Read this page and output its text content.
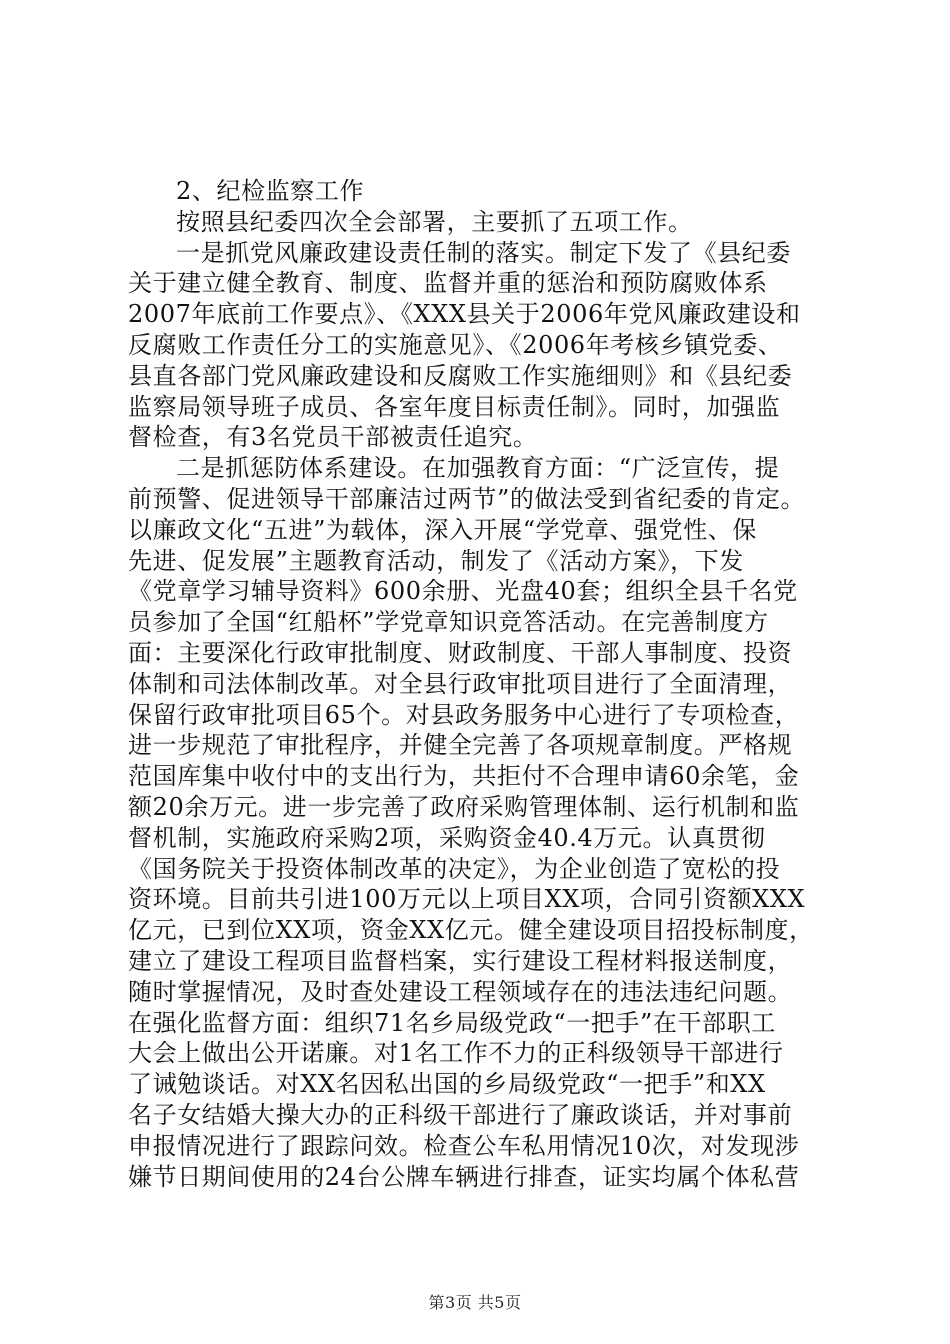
2、纪检监察工作
按照县纪委四次全会部署，主要抓了五项工作。
一是抓党风廉政建设责任制的落实。制定下发了《县纪委
关于建立健全教育、制度、监督并重的惩治和预防腐败体系
2007年底前工作要点》、《XXX县关于2006年党风廉政建设和
反腐败工作责任分工的实施意见》、《2006年考核乡镇党委、
县直各部门党风廉政建设和反腐败工作实施细则》和《县纪委
监察局领导班子成员、各室年度目标责任制》。同时，加强监
督检查，有3名党员干部被责任追究。
二是抓惩防体系建设。在加强教育方面：“广泛宣传，提
前预警、促进领导干部廉洁过两节”的做法受到省纪委的肯定。
以廉政文化“五进”为载体，深入开展“学党章、强党性、保
先进、促发展”主题教育活动，制发了《活动方案》，下发
《党章学习辅导资料》600余册、光盘40套；组织全县千名党
员参加了全国“红船杯”学党章知识竞答活动。在完善制度方
面：主要深化行政审批制度、财政制度、干部人事制度、投资
体制和司法体制改革。对全县行政审批项目进行了全面清理，
保留行政审批项目65个。对县政务服务中心进行了专项检查，
进一步规范了审批程序，并健全完善了各项规章制度。严格规
范国库集中收付中的支出行为，共拒付不合理申请60余笔，金
额20余万元。进一步完善了政府采购管理体制、运行机制和监
督机制，实施政府采购2项，采购资金40.4万元。认真贯彻
《国务院关于投资体制改革的决定》，为企业创造了宽松的投
资环境。目前共引进100万元以上项目XX项，合同引资额XXX
亿元，已到位XX项，资金XX亿元。健全建设项目招投标制度，
建立了建设工程项目监督档案，实行建设工程材料报送制度，
随时掌握情况，及时查处建设工程领域存在的违法违纪问题。
在强化监督方面：组织71名乡局级党政“一把手”在干部职工
大会上做出公开诺廉。对1名工作不力的正科级领导干部进行
了诫勉谈话。对XX名因私出国的乡局级党政“一把手”和XX
名子女结婚大操大办的正科级干部进行了廉政谈话，并对事前
申报情况进行了跟踪问效。检查公车私用情况10次，对发现涉
嫌节日期间使用的24台公牌车辆进行排查，证实均属个体私营
第3页 共5页
